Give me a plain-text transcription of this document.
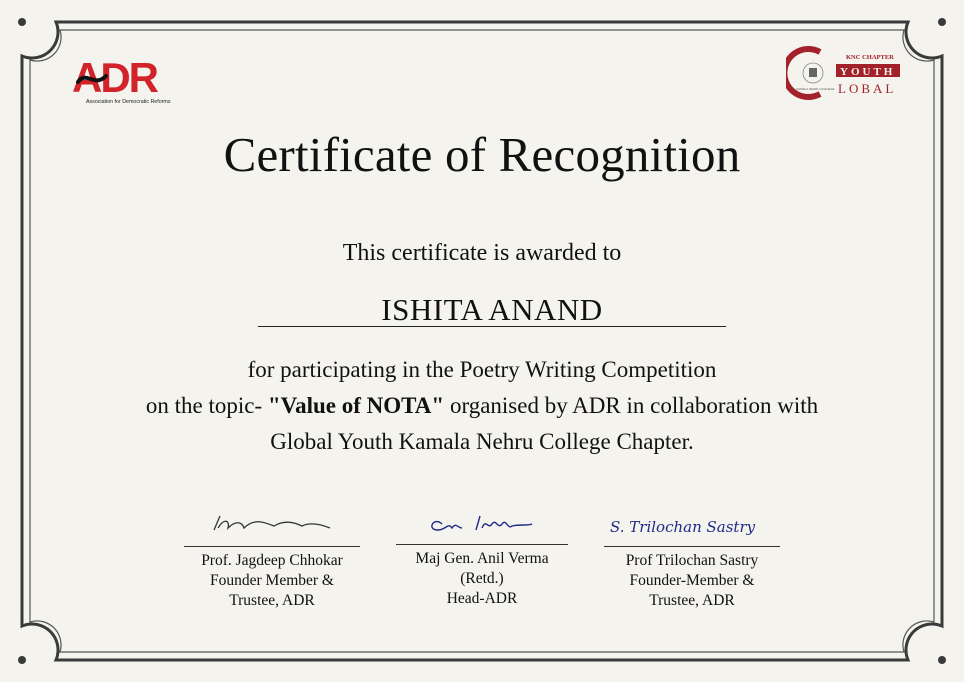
ADR
Association for Democratic Reforms
KAMALA NEHRU COLLEGE
KNC CHAPTER
YOUTH
LOBAL
Certificate of Recognition
This certificate is awarded to
ISHITA ANAND
for participating in the Poetry Writing Competition
on the topic- "Value of NOTA" organised by ADR in collaboration with
Global Youth Kamala Nehru College Chapter.
Prof. Jagdeep Chhokar
Founder Member &
Trustee, ADR
Maj Gen. Anil Verma
(Retd.)
Head-ADR
S. Trilochan Sastry
Prof Trilochan Sastry
Founder-Member &
Trustee, ADR
